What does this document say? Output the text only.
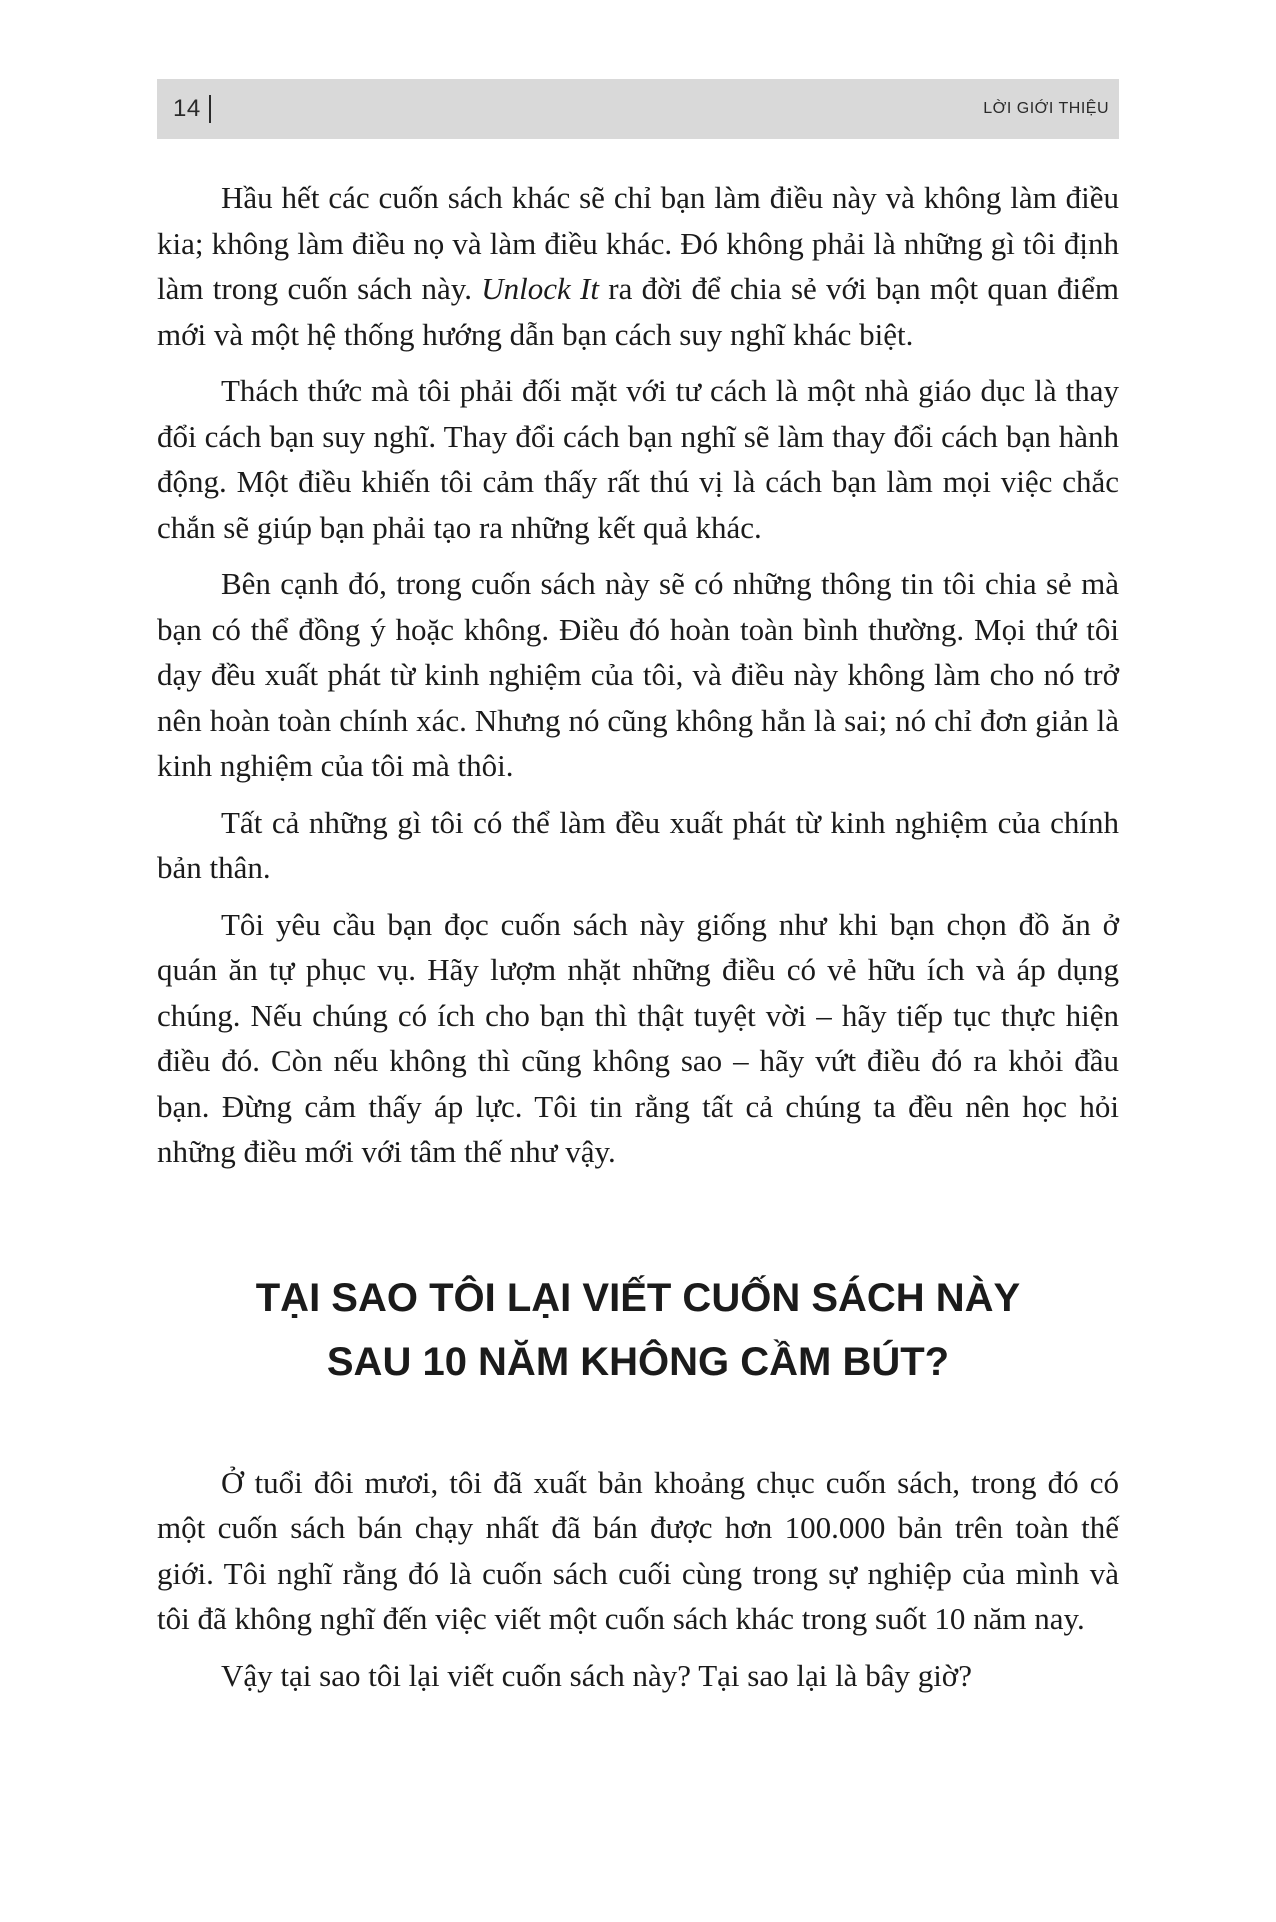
14	LỜI GIỚI THIỆU

Hầu hết các cuốn sách khác sẽ chỉ bạn làm điều này và không làm điều kia; không làm điều nọ và làm điều khác. Đó không phải là những gì tôi định làm trong cuốn sách này. Unlock It ra đời để chia sẻ với bạn một quan điểm mới và một hệ thống hướng dẫn bạn cách suy nghĩ khác biệt.

Thách thức mà tôi phải đối mặt với tư cách là một nhà giáo dục là thay đổi cách bạn suy nghĩ. Thay đổi cách bạn nghĩ sẽ làm thay đổi cách bạn hành động. Một điều khiến tôi cảm thấy rất thú vị là cách bạn làm mọi việc chắc chắn sẽ giúp bạn phải tạo ra những kết quả khác.

Bên cạnh đó, trong cuốn sách này sẽ có những thông tin tôi chia sẻ mà bạn có thể đồng ý hoặc không. Điều đó hoàn toàn bình thường. Mọi thứ tôi dạy đều xuất phát từ kinh nghiệm của tôi, và điều này không làm cho nó trở nên hoàn toàn chính xác. Nhưng nó cũng không hẳn là sai; nó chỉ đơn giản là kinh nghiệm của tôi mà thôi.

Tất cả những gì tôi có thể làm đều xuất phát từ kinh nghiệm của chính bản thân.

Tôi yêu cầu bạn đọc cuốn sách này giống như khi bạn chọn đồ ăn ở quán ăn tự phục vụ. Hãy lượm nhặt những điều có vẻ hữu ích và áp dụng chúng. Nếu chúng có ích cho bạn thì thật tuyệt vời – hãy tiếp tục thực hiện điều đó. Còn nếu không thì cũng không sao – hãy vứt điều đó ra khỏi đầu bạn. Đừng cảm thấy áp lực. Tôi tin rằng tất cả chúng ta đều nên học hỏi những điều mới với tâm thế như vậy.

TẠI SAO TÔI LẠI VIẾT CUỐN SÁCH NÀY
SAU 10 NĂM KHÔNG CẦM BÚT?

Ở tuổi đôi mươi, tôi đã xuất bản khoảng chục cuốn sách, trong đó có một cuốn sách bán chạy nhất đã bán được hơn 100.000 bản trên toàn thế giới. Tôi nghĩ rằng đó là cuốn sách cuối cùng trong sự nghiệp của mình và tôi đã không nghĩ đến việc viết một cuốn sách khác trong suốt 10 năm nay.

Vậy tại sao tôi lại viết cuốn sách này? Tại sao lại là bây giờ?
